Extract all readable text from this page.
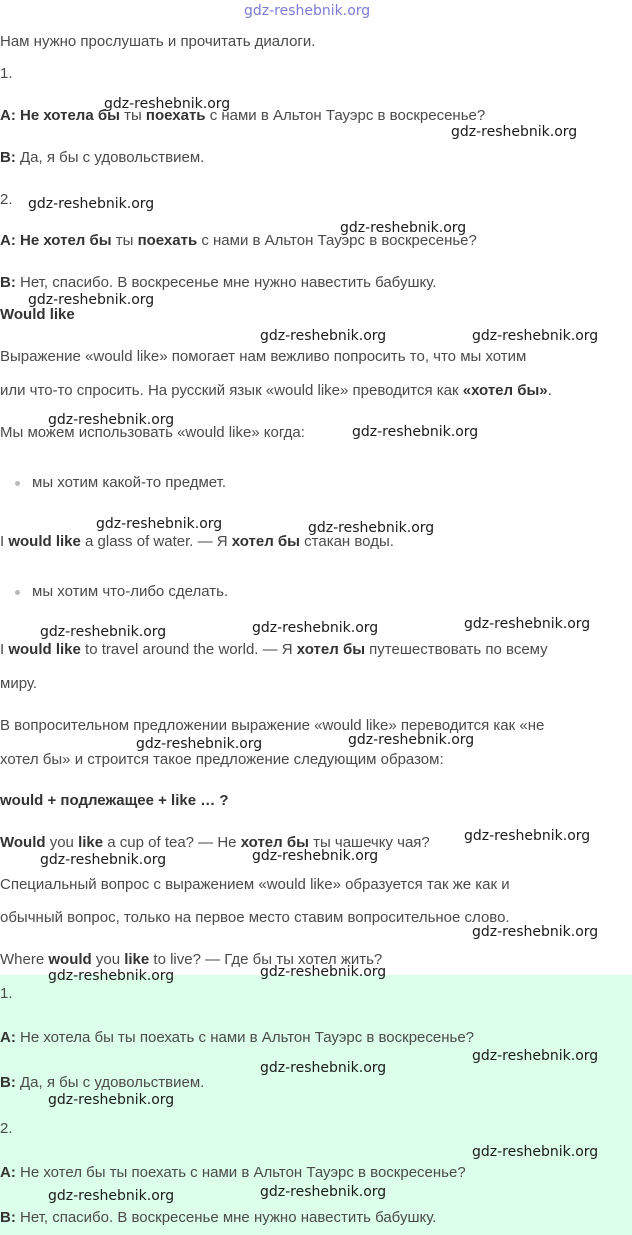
gdz-reshebnik.org
Нам нужно прослушать и прочитать диалоги.
1.
A: Не хотела бы ты поехать с нами в Альтон Тауэрс в воскресенье?
B: Да, я бы с удовольствием.
2.
A: Не хотел бы ты поехать с нами в Альтон Тауэрс в воскресенье?
B: Нет, спасибо. В воскресенье мне нужно навестить бабушку.
Would like
Выражение «would like» помогает нам вежливо попросить то, что мы хотим
или что-то спросить. На русский язык «would like» преводится как «хотел бы».
Мы можем использовать «would like» когда:
мы хотим какой-то предмет.
I would like a glass of water. — Я хотел бы стакан воды.
мы хотим что-либо сделать.
I would like to travel around the world. — Я хотел бы путешествовать по всему
миру.
В вопросительном предложении выражение «would like» переводится как «не
хотел бы» и строится такое предложение следующим образом:
would + подлежащее + like … ?
Would you like a cup of tea? — Не хотел бы ты чашечку чая?
Специальный вопрос с выражением «would like» образуется так же как и
обычный вопрос, только на первое место ставим вопросительное слово.
Where would you like to live? — Где бы ты хотел жить?
1.
A: Не хотела бы ты поехать с нами в Альтон Тауэрс в воскресенье?
B: Да, я бы с удовольствием.
2.
A: Не хотел бы ты поехать с нами в Альтон Тауэрс в воскресенье?
B: Нет, спасибо. В воскресенье мне нужно навестить бабушку.
gdz-reshebnik.org
gdz-reshebnik.org
gdz-reshebnik.org
gdz-reshebnik.org
gdz-reshebnik.org
gdz-reshebnik.org	gdz-reshebnik.org
gdz-reshebnik.org
gdz-reshebnik.org
gdz-reshebnik.org	gdz-reshebnik.org
gdz-reshebnik.org	gdz-reshebnik.org	gdz-reshebnik.org
gdz-reshebnik.org	gdz-reshebnik.org
gdz-reshebnik.org
gdz-reshebnik.org	gdz-reshebnik.org
gdz-reshebnik.org
gdz-reshebnik.org	gdz-reshebnik.org
gdz-reshebnik.org
gdz-reshebnik.org
gdz-reshebnik.org
gdz-reshebnik.org
gdz-reshebnik.org	gdz-reshebnik.org
